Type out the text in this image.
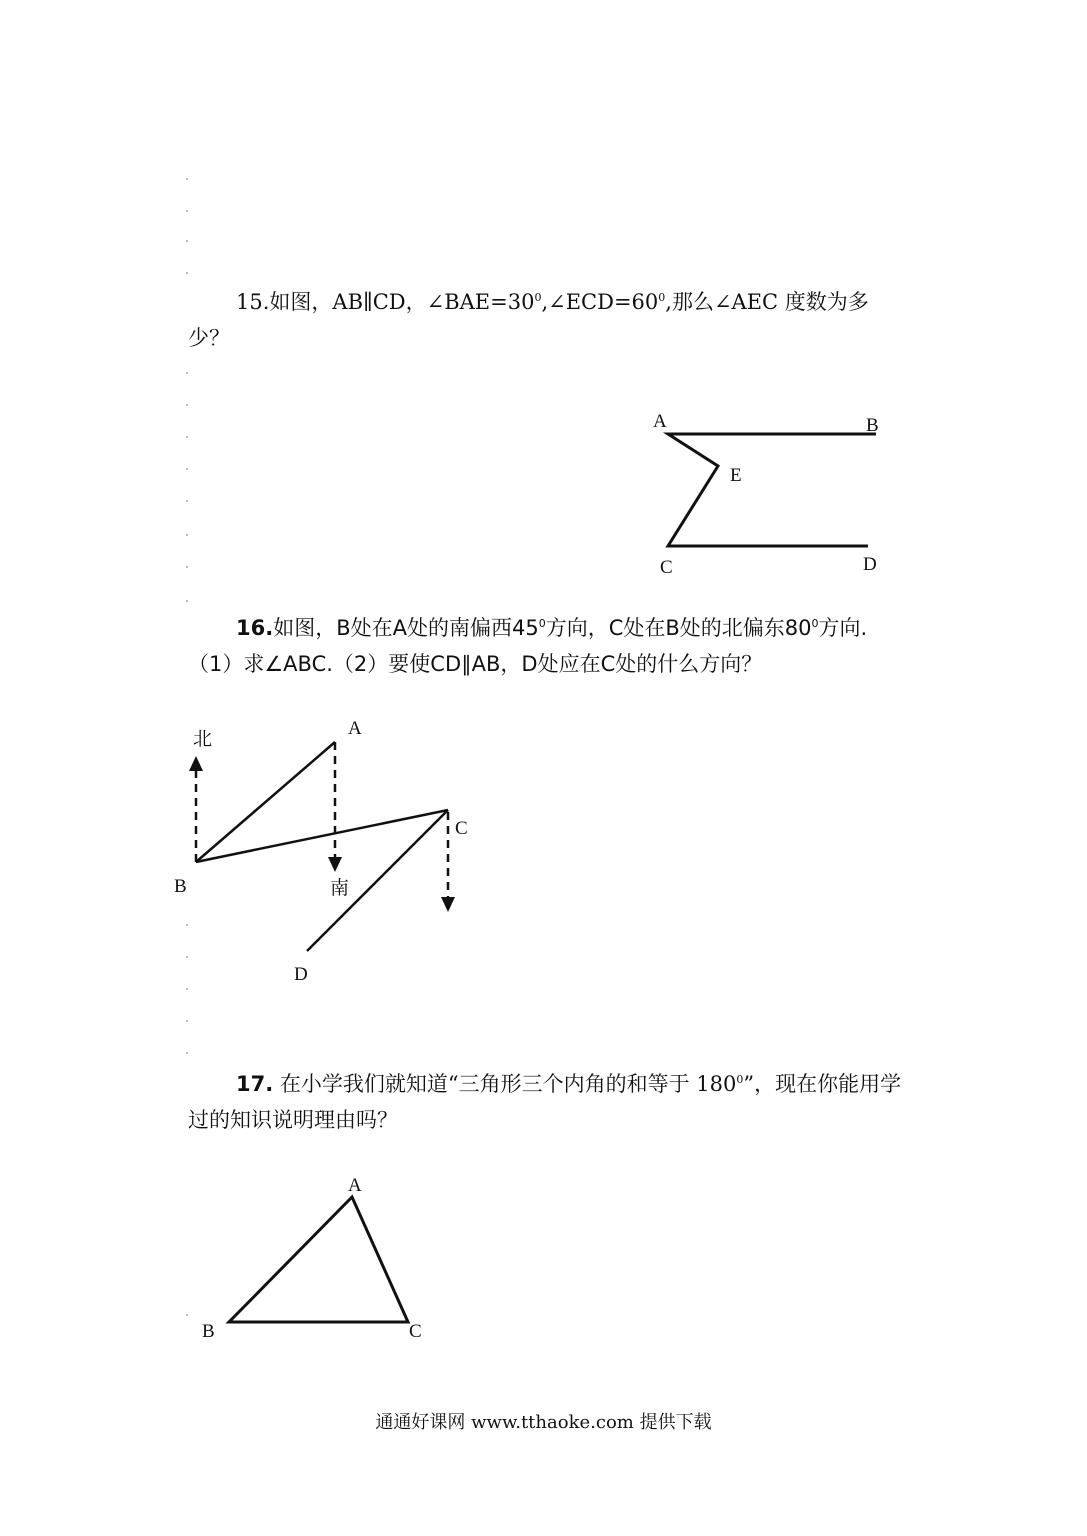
15.如图，AB∥CD，$\angle BAE=30^0,\angle ECD=60^0$,那么∠AEC 度数为多少？
A	B
E
C	D
16.如图，B处在A处的南偏西$45^0$方向，C处在B处的北偏东$80^0$方向.（1）求∠ABC.（2）要使CD∥AB，D处应在C处的什么方向？
北	A
C
B	南
D
17. 在小学我们就知道“三角形三个内角的和等于 $180^0$”，现在你能用学过的知识说明理由吗？
A
B	C
通通好课网 www.tthaoke.com 提供下载
